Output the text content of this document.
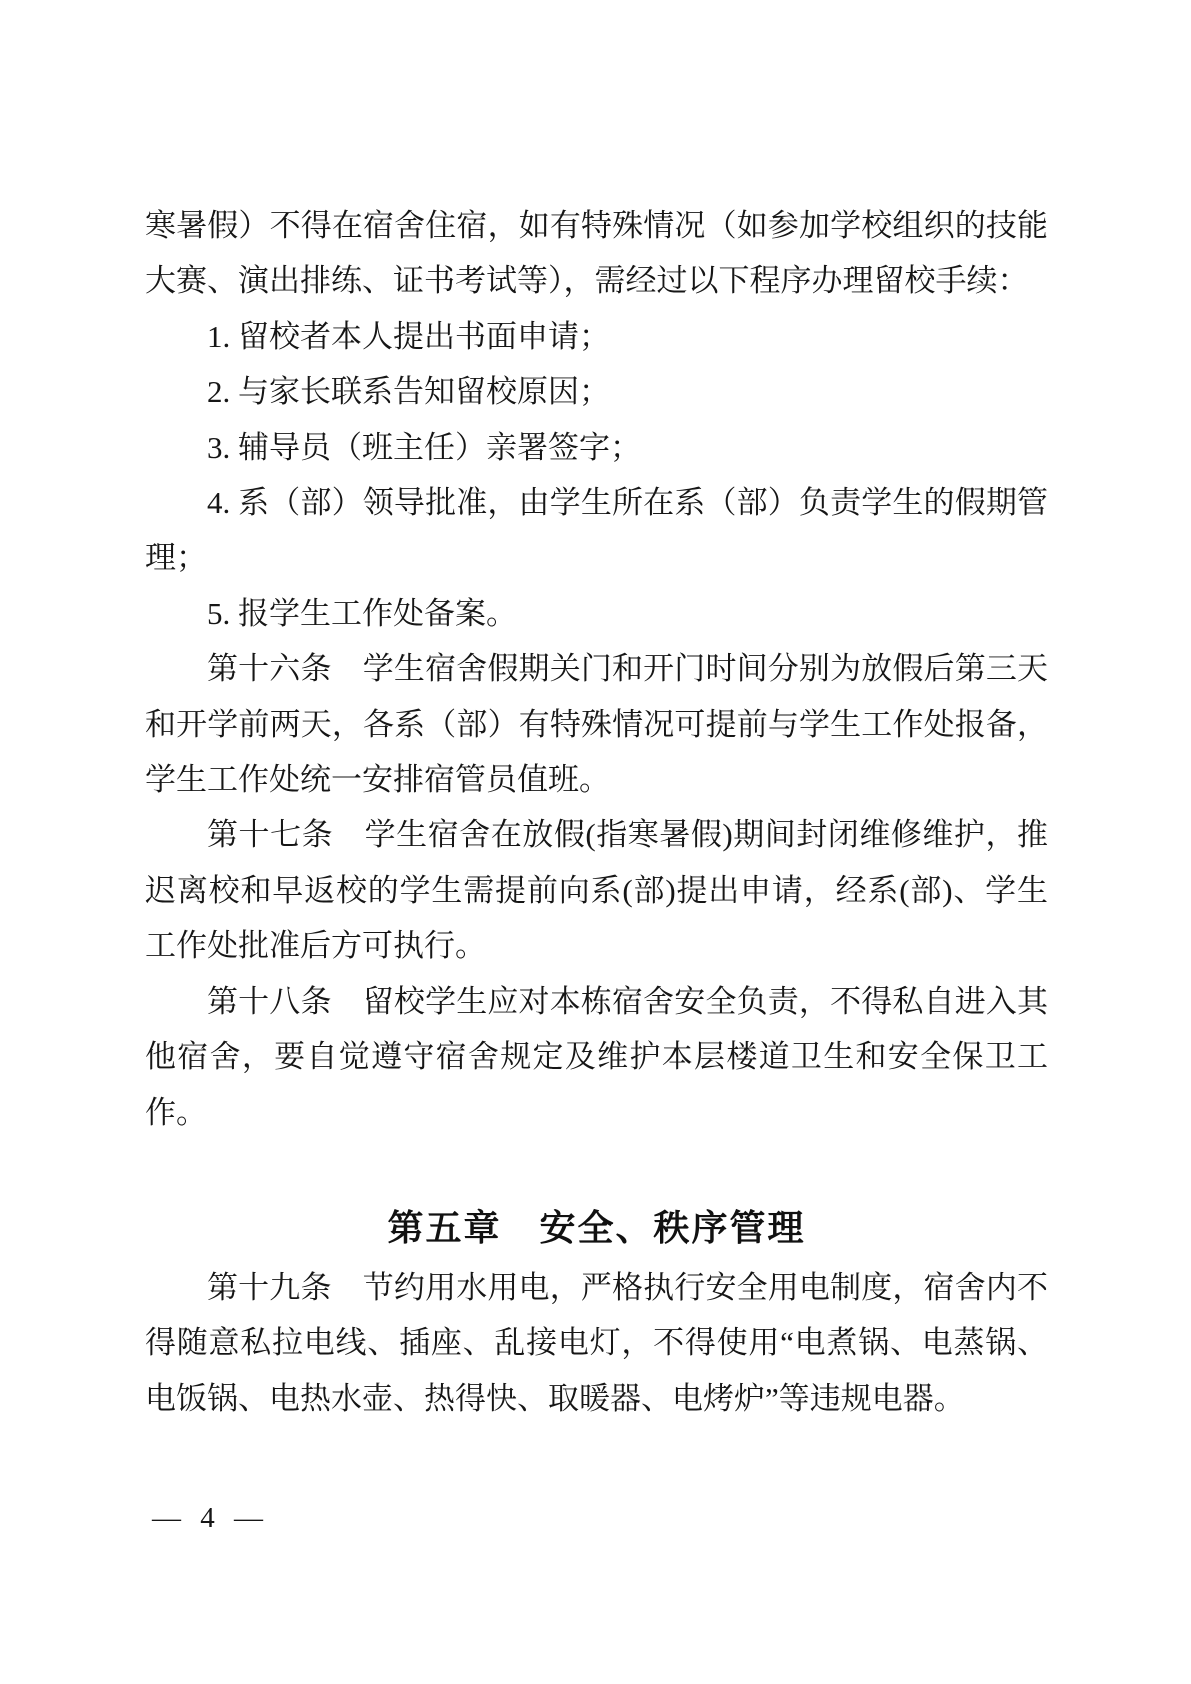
寒暑假）不得在宿舍住宿，如有特殊情况（如参加学校组织的技能大赛、演出排练、证书考试等），需经过以下程序办理留校手续：

1. 留校者本人提出书面申请；

2. 与家长联系告知留校原因；

3. 辅导员（班主任）亲署签字；

4. 系（部）领导批准，由学生所在系（部）负责学生的假期管理；

5. 报学生工作处备案。

第十六条　学生宿舍假期关门和开门时间分别为放假后第三天和开学前两天，各系（部）有特殊情况可提前与学生工作处报备，学生工作处统一安排宿管员值班。

第十七条　学生宿舍在放假(指寒暑假)期间封闭维修维护，推迟离校和早返校的学生需提前向系(部)提出申请，经系(部)、学生工作处批准后方可执行。

第十八条　留校学生应对本栋宿舍安全负责，不得私自进入其他宿舍，要自觉遵守宿舍规定及维护本层楼道卫生和安全保卫工作。

第五章　安全、秩序管理

第十九条　节约用水用电，严格执行安全用电制度，宿舍内不得随意私拉电线、插座、乱接电灯，不得使用“电煮锅、电蒸锅、电饭锅、电热水壶、热得快、取暖器、电烤炉”等违规电器。

— 4 —
